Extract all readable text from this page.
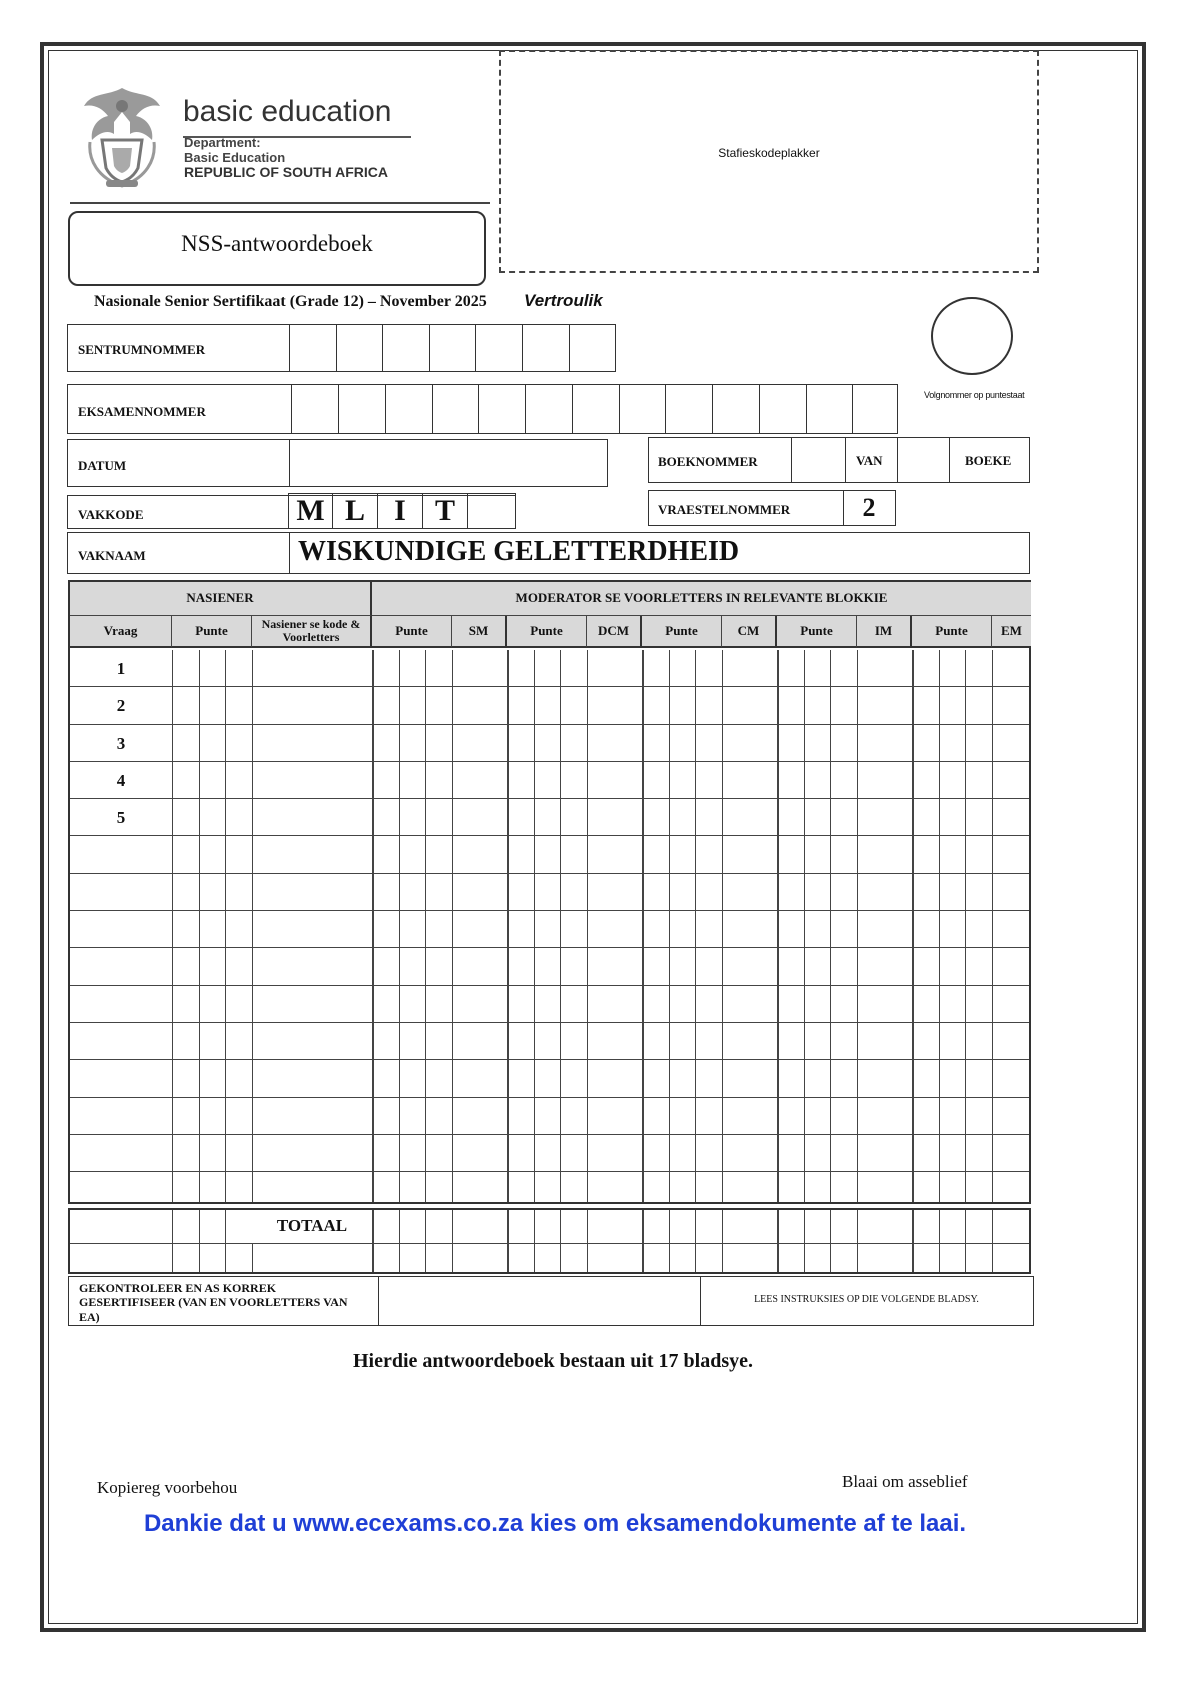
basic education
Department:
Basic Education
REPUBLIC OF SOUTH AFRICA
NSS-antwoordeboek
Stafieskodeplakker
Nasionale Senior Sertifikaat (Grade 12) – November 2025 Vertroulik
Volgnommer op puntestaat
SENTRUMNOMMER
EKSAMENNOMMER
DATUM	BOEKNOMMER	VAN	BOEKE
VAKKODE	M L I T	VRAESTELNOMMER	2
VAKNAAM	WISKUNDIGE GELETTERDHEID
NASIENER	MODERATOR SE VOORLETTERS IN RELEVANTE BLOKKIE
Vraag	Punte	Nasiener se kode & Voorletters	Punte	SM	Punte	DCM	Punte	CM	Punte	IM	Punte	EM
1
2
3
4
5
TOTAAL
GEKONTROLEER EN AS KORREK GESERTIFISEER (VAN EN VOORLETTERS VAN EA)
LEES INSTRUKSIES OP DIE VOLGENDE BLADSY.
Hierdie antwoordeboek bestaan uit 17 bladsye.
Kopiereg voorbehou	Blaai om asseblief
Dankie dat u www.ecexams.co.za kies om eksamendokumente af te laai.
